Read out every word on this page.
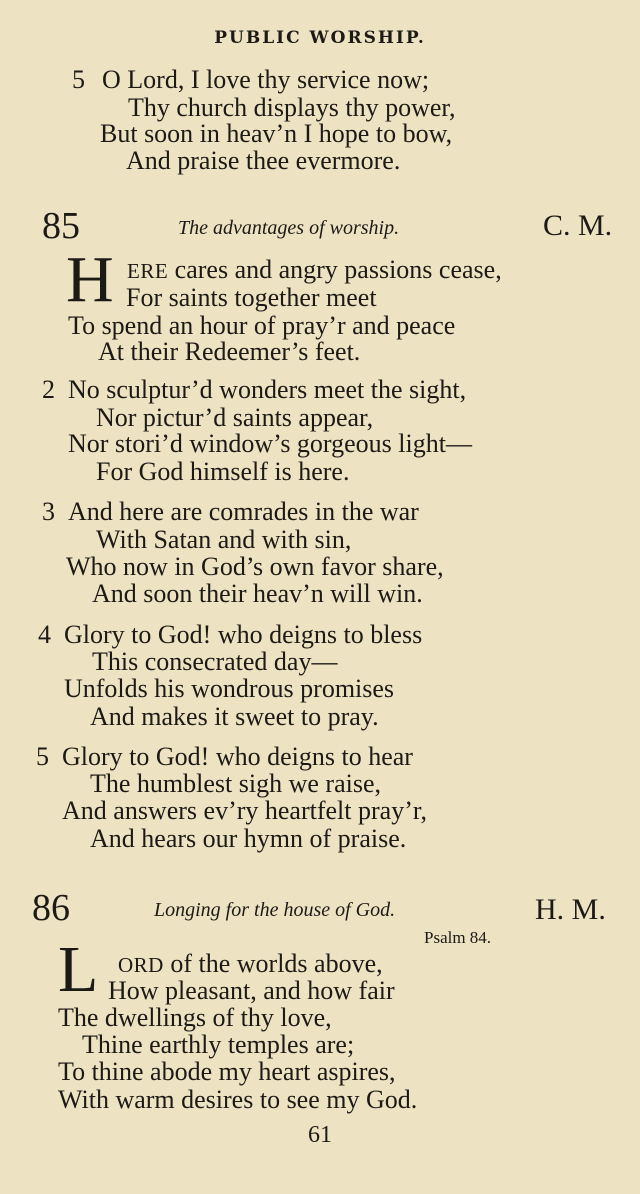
PUBLIC WORSHIP.
5 O Lord, I love thy service now;
Thy church displays thy power,
But soon in heav’n I hope to bow,
And praise thee evermore.
85	The advantages of worship.	C. M.
H ERE cares and angry passions cease,
For saints together meet
To spend an hour of pray’r and peace
At their Redeemer’s feet.
2 No sculptur’d wonders meet the sight,
Nor pictur’d saints appear,
Nor stori’d window’s gorgeous light—
For God himself is here.
3 And here are comrades in the war
With Satan and with sin,
Who now in God’s own favor share,
And soon their heav’n will win.
4 Glory to God! who deigns to bless
This consecrated day—
Unfolds his wondrous promises
And makes it sweet to pray.
5 Glory to God! who deigns to hear
The humblest sigh we raise,
And answers ev’ry heartfelt pray’r,
And hears our hymn of praise.
86	Longing for the house of God.	H. M.
Psalm 84.
L ORD of the worlds above,
How pleasant, and how fair
The dwellings of thy love,
Thine earthly temples are;
To thine abode my heart aspires,
With warm desires to see my God.
61
